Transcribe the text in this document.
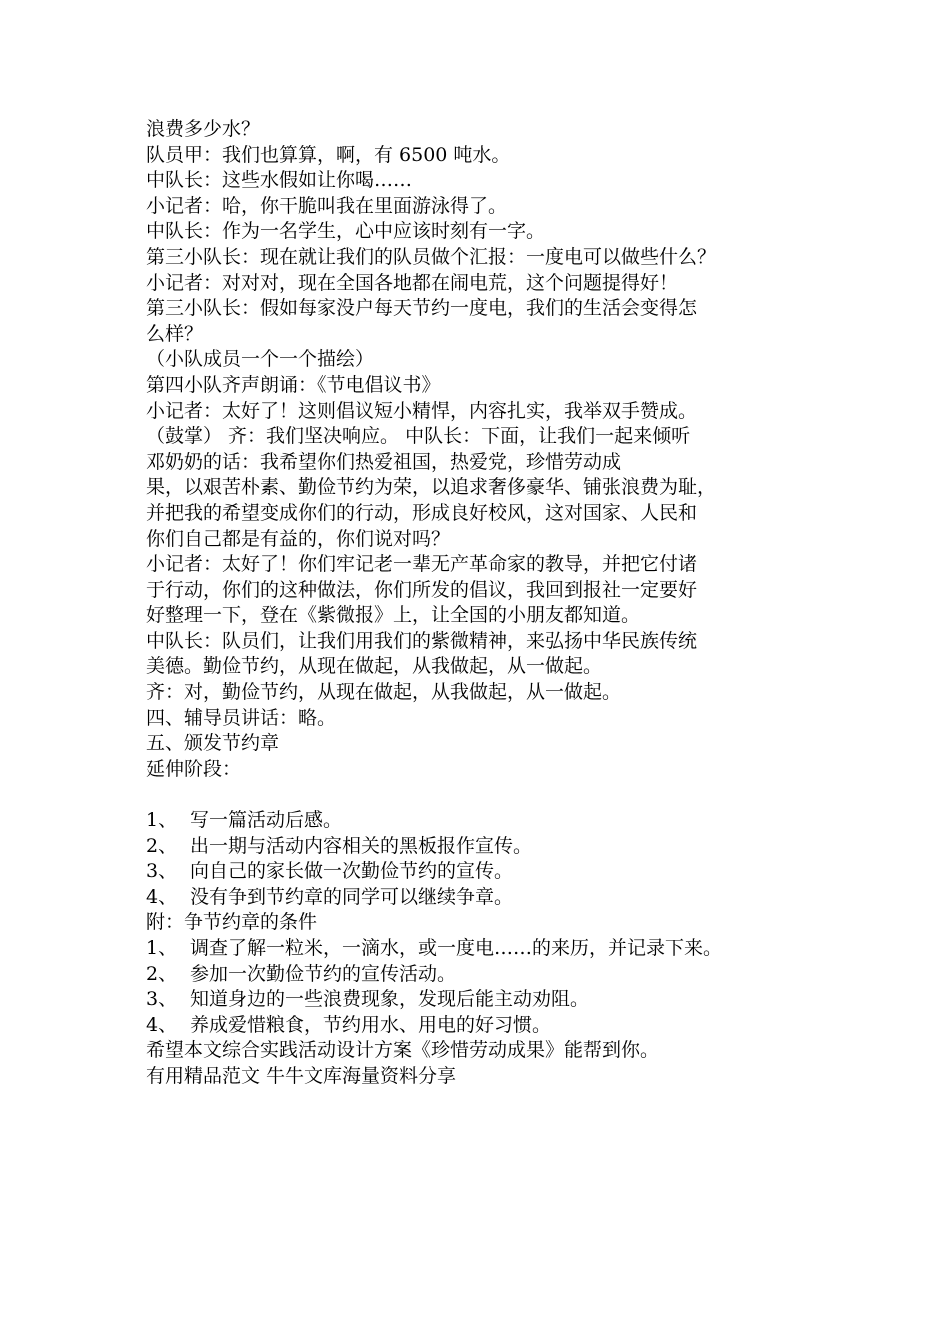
浪费多少水？
队员甲：我们也算算，啊，有 6500 吨水。
中队长：这些水假如让你喝……
小记者：哈，你干脆叫我在里面游泳得了。
中队长：作为一名学生，心中应该时刻有一字。
第三小队长：现在就让我们的队员做个汇报：一度电可以做些什么？
小记者：对对对，现在全国各地都在闹电荒，这个问题提得好！
第三小队长：假如每家没户每天节约一度电，我们的生活会变得怎
么样？
（小队成员一个一个描绘）
第四小队齐声朗诵：《节电倡议书》
小记者：太好了！这则倡议短小精悍，内容扎实，我举双手赞成。
（鼓掌） 齐：我们坚决响应。 中队长：下面，让我们一起来倾听
邓奶奶的话：我希望你们热爱祖国，热爱党，珍惜劳动成
果，以艰苦朴素、勤俭节约为荣，以追求奢侈豪华、铺张浪费为耻，
并把我的希望变成你们的行动，形成良好校风，这对国家、人民和
你们自己都是有益的，你们说对吗？
小记者：太好了！你们牢记老一辈无产革命家的教导，并把它付诸
于行动，你们的这种做法，你们所发的倡议，我回到报社一定要好
好整理一下，登在《紫微报》上，让全国的小朋友都知道。
中队长：队员们，让我们用我们的紫微精神，来弘扬中华民族传统
美德。勤俭节约，从现在做起，从我做起，从一做起。
齐：对，勤俭节约，从现在做起，从我做起，从一做起。
四、辅导员讲话：略。
五、颁发节约章
延伸阶段：
1、 写一篇活动后感。
2、 出一期与活动内容相关的黑板报作宣传。
3、 向自己的家长做一次勤俭节约的宣传。
4、 没有争到节约章的同学可以继续争章。
附：争节约章的条件
1、 调查了解一粒米，一滴水，或一度电……的来历，并记录下来。
2、 参加一次勤俭节约的宣传活动。
3、 知道身边的一些浪费现象，发现后能主动劝阻。
4、 养成爱惜粮食，节约用水、用电的好习惯。
希望本文综合实践活动设计方案《珍惜劳动成果》能帮到你。
有用精品范文 牛牛文库海量资料分享
